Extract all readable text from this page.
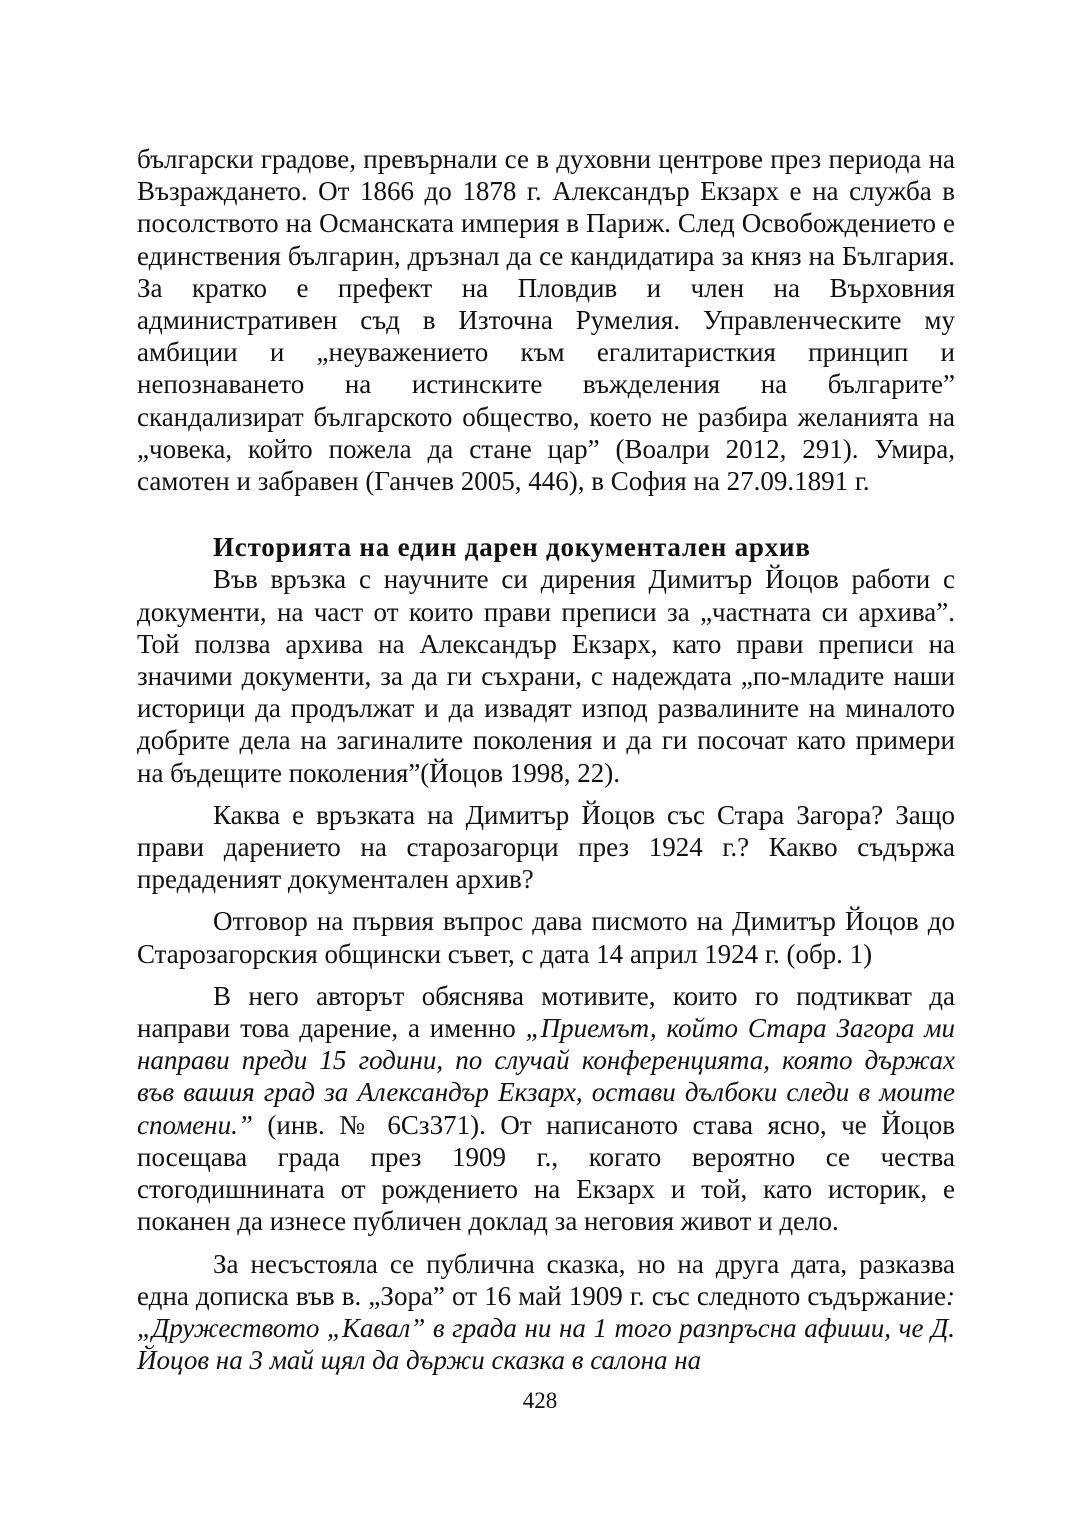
български градове, превърнали се в духовни центрове през периода на Възраждането. От 1866 до 1878 г. Александър Екзарх е на служба в посолството на Османската империя в Париж. След Освобождението е единствения българин, дръзнал да се кандидатира за княз на България. За кратко е префект на Пловдив и член на Върховния административен съд в Източна Румелия. Управленческите му амбиции и „неуважението към егалитаристкия принцип и непознаването на истинските въжделения на българите” скандализират българското общество, което не разбира желанията на „човека, който пожела да стане цар” (Воалри 2012, 291). Умира, самотен и забравен (Ганчев 2005, 446), в София на 27.09.1891 г.

Историята на един дарен документален архив

Във връзка с научните си дирения Димитър Йоцов работи с документи, на част от които прави преписи за „частната си архива”. Той ползва архива на Александър Екзарх, като прави преписи на значими документи, за да ги съхрани, с надеждата „по-младите наши историци да продължат и да извадят изпод развалините на миналото добрите дела на загиналите поколения и да ги посочат като примери на бъдещите поколения”(Йоцов 1998, 22).

Каква е връзката на Димитър Йоцов със Стара Загора? Защо прави дарението на старозагорци през 1924 г.? Какво съдържа предаденият документален архив?

Отговор на първия въпрос дава писмото на Димитър Йоцов до Старозагорския общински съвет, с дата 14 април 1924 г. (обр. 1)

В него авторът обяснява мотивите, които го подтикват да направи това дарение, а именно „Приемът, който Стара Загора ми направи преди 15 години, по случай конференцията, която държах във вашия град за Александър Екзарх, остави дълбоки следи в моите спомени.” (инв. № 6Сз371). От написаното става ясно, че Йоцов посещава града през 1909 г., когато вероятно се чества стогодишнината от рождението на Екзарх и той, като историк, е поканен да изнесе публичен доклад за неговия живот и дело.

За несъстояла се публична сказка, но на друга дата, разказва една дописка във в. „Зора” от 16 май 1909 г. със следното съдържание: „Дружеството „Кавал” в града ни на 1 того разпръсна афиши, че Д. Йоцов на 3 май щял да държи сказка в салона на

428
